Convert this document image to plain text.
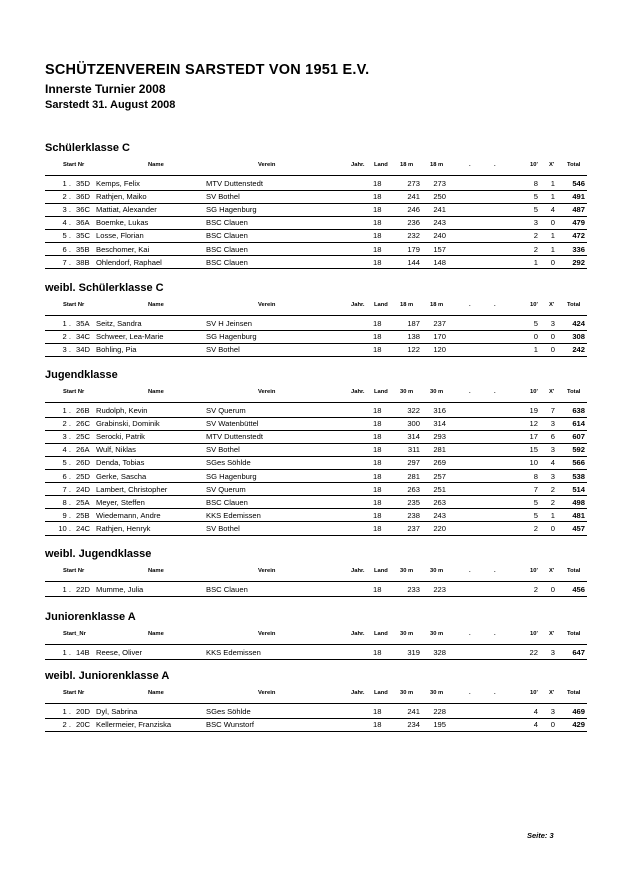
SCHÜTZENVEREIN SARSTEDT VON 1951 E.V.
Innerste Turnier 2008
Sarstedt 31. August 2008
Schülerklasse C
Start Nr	Name	Verein	Jahr. Land 18 m	18 m	.	.	10' X' Total
1 . 35D Kemps, Felix	MTV Duttenstedt	18	273 273	8 1 546
2 . 36D Rathjen, Maiko	SV Bothel	18	241 250	5 1 491
3 . 36C Mattiat, Alexander	SG Hagenburg	18	246 241	5 4 487
4 . 36A Boemke, Lukas	BSC Clauen	18	236 243	3 0 479
5 . 35C Losse, Florian	BSC Clauen	18	232 240	2 1 472
6 . 35B Beschomer, Kai	BSC Clauen	18	179 157	2 1 336
7 . 38B Ohlendorf, Raphael	BSC Clauen	18	144 148	1 0 292
weibl. Schülerklasse C
Start Nr	Name	Verein	Jahr. Land 18 m	18 m	.	.	10' X' Total
1 . 35A Seitz, Sandra	SV H Jeinsen	18	187 237	5 3 424
2 . 34C Schweer, Lea-Marie	SG Hagenburg	18	138 170	0 0 308
3 . 34D Bohling, Pia	SV Bothel	18	122 120	1 0 242
Jugendklasse
Start Nr	Name	Verein	Jahr. Land 30 m	30 m	.	.	10' X' Total
1 . 26B Rudolph, Kevin	SV Querum	18	322 316	19 7 638
2 . 26C Grabinski, Dominik	SV Watenbüttel	18	300 314	12 3 614
3 . 25C Serocki, Patrik	MTV Duttenstedt	18	314 293	17 6 607
4 . 26A Wulf, Niklas	SV Bothel	18	311 281	15 3 592
5 . 26D Denda, Tobias	SGes Söhlde	18	297 269	10 4 566
6 . 25D Gerke, Sascha	SG Hagenburg	18	281 257	8 3 538
7 . 24D Lambert, Christopher	SV Querum	18	263 251	7 2 514
8 . 25A Meyer, Steffen	BSC Clauen	18	235 263	5 2 498
9 . 25B Wiedemann, Andre	KKS Edemissen	18	238 243	5 1 481
10 . 24C Rathjen, Henryk	SV Bothel	18	237 220	2 0 457
weibl. Jugendklasse
Start Nr	Name	Verein	Jahr. Land 30 m	30 m	.	.	10' X' Total
1 . 22D Mumme, Julia	BSC Clauen	18	233 223	2 0 456
Juniorenklasse A
Start_Nr	Name	Verein	Jahr. Land 30 m	30 m	.	.	10' X' Total
1 . 14B Reese, Oliver	KKS Edemissen	18	319 328	22 3 647
weibl. Juniorenklasse A
Start Nr	Name	Verein	Jahr. Land 30 m	30 m	.	.	10' X' Total
1 . 20D Dyl, Sabrina	SGes Söhlde	18	241 228	4 3 469
2 . 20C Kellermeier, Franziska	BSC Wunstorf	18	234 195	4 0 429
Seite: 3
